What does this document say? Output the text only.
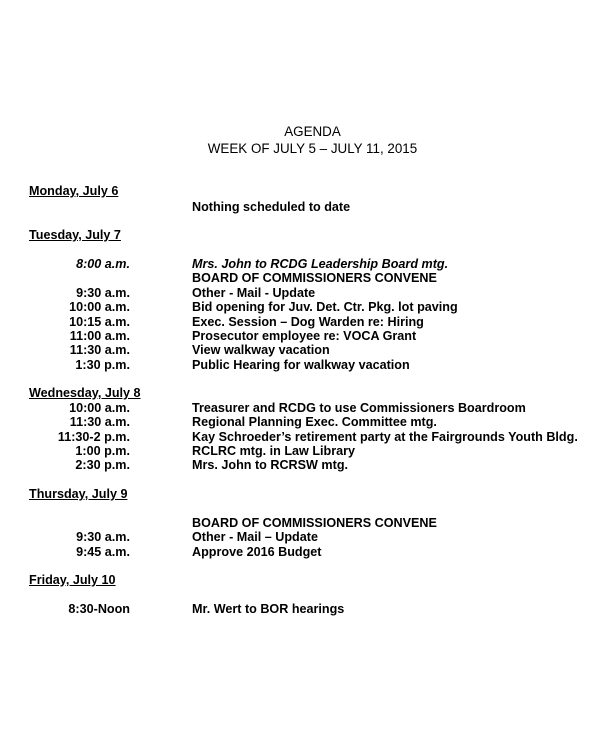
AGENDA
WEEK OF JULY 5 – JULY 11, 2015
Monday, July 6
Nothing scheduled to date
Tuesday, July 7
8:00 a.m.	Mrs. John to RCDG Leadership Board mtg.
BOARD OF COMMISSIONERS CONVENE
9:30 a.m.	Other - Mail - Update
10:00 a.m.	Bid opening for Juv. Det. Ctr. Pkg. lot paving
10:15 a.m.	Exec. Session – Dog Warden re: Hiring
11:00 a.m.	Prosecutor employee re: VOCA Grant
11:30 a.m.	View walkway vacation
1:30 p.m.	Public Hearing for walkway vacation
Wednesday, July 8
10:00 a.m.	Treasurer and RCDG to use Commissioners Boardroom
11:30 a.m.	Regional Planning Exec. Committee mtg.
11:30-2 p.m.	Kay Schroeder’s retirement party at the Fairgrounds Youth Bldg.
1:00 p.m.	RCLRC mtg. in Law Library
2:30 p.m.	Mrs. John to RCRSW mtg.
Thursday, July 9
BOARD OF COMMISSIONERS CONVENE
9:30 a.m.	Other - Mail – Update
9:45 a.m.	Approve 2016 Budget
Friday, July 10
8:30-Noon	Mr. Wert to BOR hearings
